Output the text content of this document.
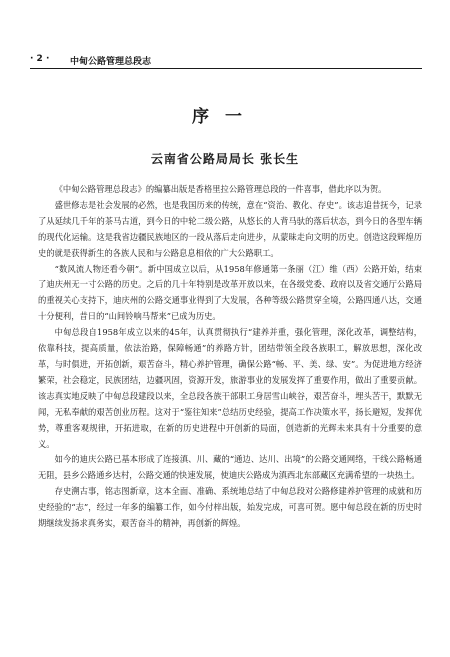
· 2 · 中甸公路管理总段志
序一
云南省公路局局长 张长生

《中甸公路管理总段志》的编纂出版是香格里拉公路管理总段的一件喜事，借此序以为贺。

盛世修志是社会发展的必然，也是我国历来的传统，意在“资治、教化、存史”。该志追昔抚今，记录了从延续几千年的茶马古道，到今日的中轮二级公路，从悠长的人背马驮的落后状态，到今日的各型车辆的现代化运输。这是我省边疆民族地区的一段从落后走向进步，从蒙昧走向文明的历史。创造这段辉煌历史的就是获得新生的各族人民和与公路息息相依的广大公路职工。

“数风流人物还看今朝”。新中国成立以后，从1958年修通第一条丽（江）维（西）公路开始，结束了迪庆州无一寸公路的历史。之后的几十年特别是改革开放以来，在各级党委、政府以及省交通厅公路局的重视关心支持下，迪庆州的公路交通事业得到了大发展，各种等级公路贯穿全境，公路四通八达，交通十分便利，昔日的“山间铃响马帮来”已成为历史。

中甸总段自1958年成立以来的45年，认真贯彻执行“建养并重，强化管理，深化改革，调整结构，依靠科技，提高质量，依法治路，保障畅通”的养路方针，团结带领全段各族职工，解放思想，深化改革，与时俱进，开拓创新，艰苦奋斗，精心养护管理，确保公路“畅、平、美、绿、安”。为促进地方经济繁荣，社会稳定，民族团结，边疆巩固，资源开发，旅游事业的发展发挥了重要作用，做出了重要贡献。该志真实地反映了中甸总段建段以来，全总段各族干部职工身居雪山峡谷，艰苦奋斗，埋头苦干，默默无闻，无私奉献的艰苦创业历程。这对于“鉴往知来”总结历史经验，提高工作决策水平，扬长避短，发挥优势，尊重客观规律，开拓进取，在新的历史进程中开创新的局面，创造新的光辉未来具有十分重要的意义。

如今的迪庆公路已基本形成了连接滇、川、藏的“通边、达川、出境”的公路交通网络，干线公路畅通无阻，县乡公路通乡达村，公路交通的快速发展，使迪庆公路成为滇西北东部藏区充满希望的一块热土。

存史溯古事，铭志图新章，这本全面、准确、系统地总结了中甸总段对公路修建养护管理的成就和历史经验的“志”，经过一年多的编纂工作，如今付梓出版，始发完成，可喜可贺。愿中甸总段在新的历史时期继续发扬求真务实，艰苦奋斗的精神，再创新的辉煌。
